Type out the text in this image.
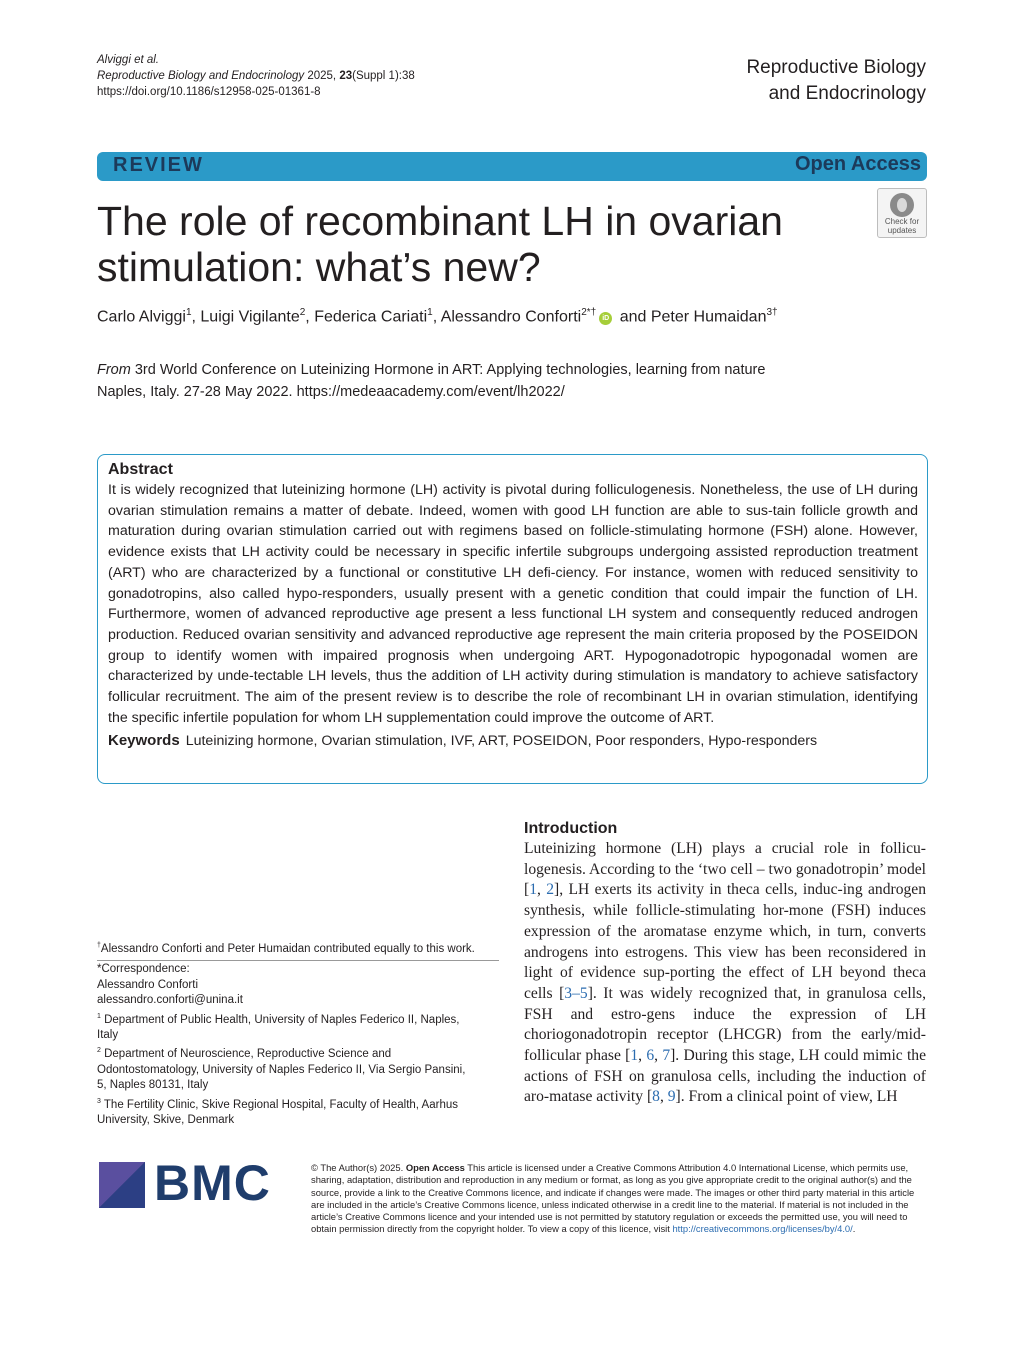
Alviggi et al.
Reproductive Biology and Endocrinology 2025, 23(Suppl 1):38
https://doi.org/10.1186/s12958-025-01361-8
Reproductive Biology
and Endocrinology
REVIEW	Open Access
The role of recombinant LH in ovarian stimulation: what’s new?
Check for
updates
Carlo Alviggi$^1$, Luigi Vigilante$^2$, Federica Cariati$^1$, Alessandro Conforti$^{2*\dagger}$iD and Peter Humaidan$^{3\dagger}$
From 3rd World Conference on Luteinizing Hormone in ART: Applying technologies, learning from nature
Naples, Italy. 27-28 May 2022. https://medeaacademy.com/event/lh2022/
Abstract
It is widely recognized that luteinizing hormone (LH) activity is pivotal during folliculogenesis. Nonetheless, the use of LH during ovarian stimulation remains a matter of debate. Indeed, women with good LH function are able to sus-tain follicle growth and maturation during ovarian stimulation carried out with regimens based on follicle-stimulating hormone (FSH) alone. However, evidence exists that LH activity could be necessary in specific infertile subgroups undergoing assisted reproduction treatment (ART) who are characterized by a functional or constitutive LH defi-ciency. For instance, women with reduced sensitivity to gonadotropins, also called hypo-responders, usually present with a genetic condition that could impair the function of LH. Furthermore, women of advanced reproductive age present a less functional LH system and consequently reduced androgen production. Reduced ovarian sensitivity and advanced reproductive age represent the main criteria proposed by the POSEIDON group to identify women with impaired prognosis when undergoing ART. Hypogonadotropic hypogonadal women are characterized by unde-tectable LH levels, thus the addition of LH activity during stimulation is mandatory to achieve satisfactory follicular recruitment. The aim of the present review is to describe the role of recombinant LH in ovarian stimulation, identifying the specific infertile population for whom LH supplementation could improve the outcome of ART.
Keywords Luteinizing hormone, Ovarian stimulation, IVF, ART, POSEIDON, Poor responders, Hypo-responders
Introduction
Luteinizing hormone (LH) plays a crucial role in follicu-logenesis. According to the ‘two cell – two gonadotropin’ model [1, 2], LH exerts its activity in theca cells, induc-ing androgen synthesis, while follicle-stimulating hor-mone (FSH) induces expression of the aromatase enzyme which, in turn, converts androgens into estrogens. This view has been reconsidered in light of evidence sup-porting the effect of LH beyond theca cells [3–5]. It was widely recognized that, in granulosa cells, FSH and estro-gens induce the expression of LH choriogonadotropin receptor (LHCGR) from the early/mid-follicular phase [1, 6, 7]. During this stage, LH could mimic the actions of FSH on granulosa cells, including the induction of aro-matase activity [8, 9]. From a clinical point of view, LH
†Alessandro Conforti and Peter Humaidan contributed equally to this work.

*Correspondence:

Alessandro Conforti

alessandro.conforti@unina.it

$^1$ Department of Public Health, University of Naples Federico II, Naples, Italy

$^2$ Department of Neuroscience, Reproductive Science and Odontostomatology, University of Naples Federico II, Via Sergio Pansini, 5, Naples 80131, Italy

$^3$ The Fertility Clinic, Skive Regional Hospital, Faculty of Health, Aarhus University, Skive, Denmark

BMC	© The Author(s) 2025. Open Access This article is licensed under a Creative Commons Attribution 4.0 International License, which permits use, sharing, adaptation, distribution and reproduction in any medium or format, as long as you give appropriate credit to the original author(s) and the source, provide a link to the Creative Commons licence, and indicate if changes were made. The images or other third party material in this article are included in the article’s Creative Commons licence, unless indicated otherwise in a credit line to the material. If material is not included in the article’s Creative Commons licence and your intended use is not permitted by statutory regulation or exceeds the permitted use, you will need to obtain permission directly from the copyright holder. To view a copy of this licence, visit http://creativecommons.org/licenses/by/4.0/.
